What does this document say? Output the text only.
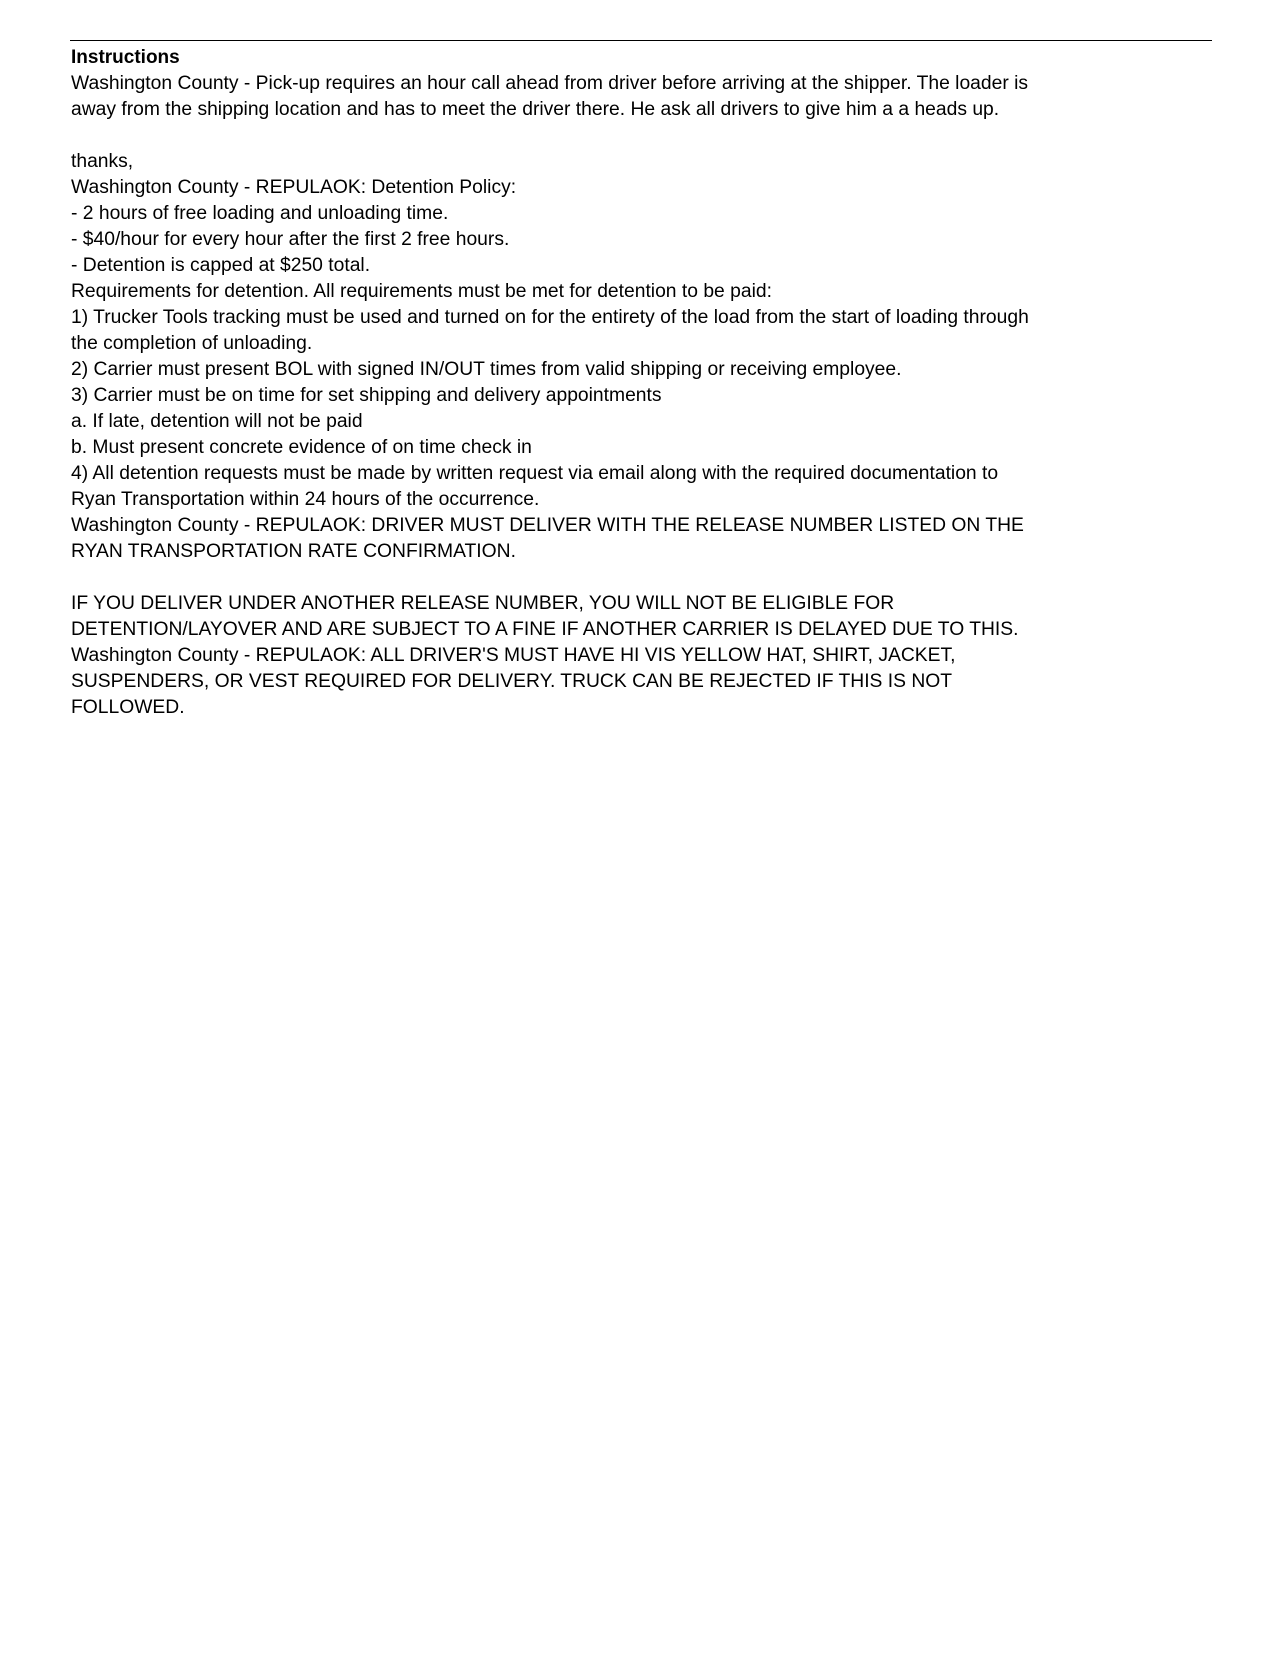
Instructions
Washington County - Pick-up requires an hour call ahead from driver before arriving at the shipper. The loader is
away from the shipping location and has to meet the driver there. He ask all drivers to give him a a heads up.
thanks,
Washington County - REPULAOK: Detention Policy:
- 2 hours of free loading and unloading time.
- $40/hour for every hour after the first 2 free hours.
- Detention is capped at $250 total.
Requirements for detention. All requirements must be met for detention to be paid:
1) Trucker Tools tracking must be used and turned on for the entirety of the load from the start of loading through
the completion of unloading.
2) Carrier must present BOL with signed IN/OUT times from valid shipping or receiving employee.
3) Carrier must be on time for set shipping and delivery appointments
a. If late, detention will not be paid
b. Must present concrete evidence of on time check in
4) All detention requests must be made by written request via email along with the required documentation to
Ryan Transportation within 24 hours of the occurrence.
Washington County - REPULAOK: DRIVER MUST DELIVER WITH THE RELEASE NUMBER LISTED ON THE
RYAN TRANSPORTATION RATE CONFIRMATION.
IF YOU DELIVER UNDER ANOTHER RELEASE NUMBER, YOU WILL NOT BE ELIGIBLE FOR
DETENTION/LAYOVER AND ARE SUBJECT TO A FINE IF ANOTHER CARRIER IS DELAYED DUE TO THIS.
Washington County - REPULAOK: ALL DRIVER'S MUST HAVE HI VIS YELLOW HAT, SHIRT, JACKET,
SUSPENDERS, OR VEST REQUIRED FOR DELIVERY. TRUCK CAN BE REJECTED IF THIS IS NOT
FOLLOWED.
